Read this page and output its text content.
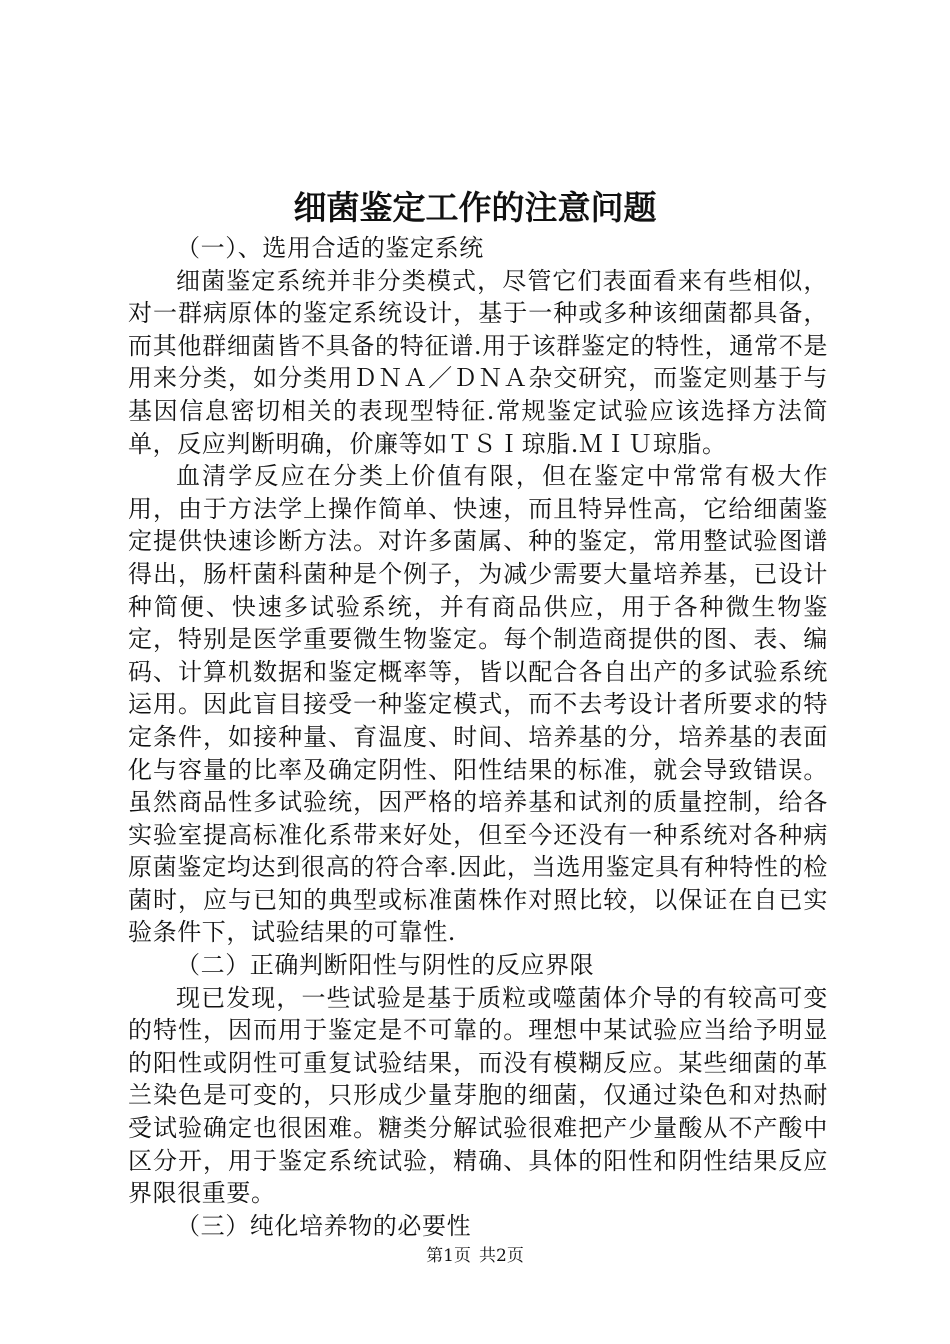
细菌鉴定工作的注意问题

（一）、选用合适的鉴定系统

细菌鉴定系统并非分类模式，尽管它们表面看来有些相似，对一群病原体的鉴定系统设计，基于一种或多种该细菌都具备，而其他群细菌皆不具备的特征谱.用于该群鉴定的特性，通常不是用来分类，如分类用ＤＮＡ／ＤＮＡ杂交研究，而鉴定则基于与基因信息密切相关的表现型特征.常规鉴定试验应该选择方法简单，反应判断明确，价廉等如ＴＳＩ琼脂.ＭＩＵ琼脂。

血清学反应在分类上价值有限，但在鉴定中常常有极大作用，由于方法学上操作简单、快速，而且特异性高，它给细菌鉴定提供快速诊断方法。对许多菌属、种的鉴定，常用整试验图谱得出，肠杆菌科菌种是个例子，为减少需要大量培养基，已设计种简便、快速多试验系统，并有商品供应，用于各种微生物鉴定，特别是医学重要微生物鉴定。每个制造商提供的图、表、编码、计算机数据和鉴定概率等，皆以配合各自出产的多试验系统运用。因此盲目接受一种鉴定模式，而不去考设计者所要求的特定条件，如接种量、育温度、时间、培养基的分，培养基的表面化与容量的比率及确定阴性、阳性结果的标准，就会导致错误。虽然商品性多试验统，因严格的培养基和试剂的质量控制，给各实验室提高标准化系带来好处，但至今还没有一种系统对各种病原菌鉴定均达到很高的符合率.因此，当选用鉴定具有种特性的检菌时，应与已知的典型或标准菌株作对照比较，以保证在自已实验条件下，试验结果的可靠性.

（二）正确判断阳性与阴性的反应界限

现已发现，一些试验是基于质粒或噬菌体介导的有较高可变的特性，因而用于鉴定是不可靠的。理想中某试验应当给予明显的阳性或阴性可重复试验结果，而没有模糊反应。某些细菌的革兰染色是可变的，只形成少量芽胞的细菌，仅通过染色和对热耐受试验确定也很困难。糖类分解试验很难把产少量酸从不产酸中区分开，用于鉴定系统试验，精确、具体的阳性和阴性结果反应界限很重要。

（三）纯化培养物的必要性

第1页 共2页
